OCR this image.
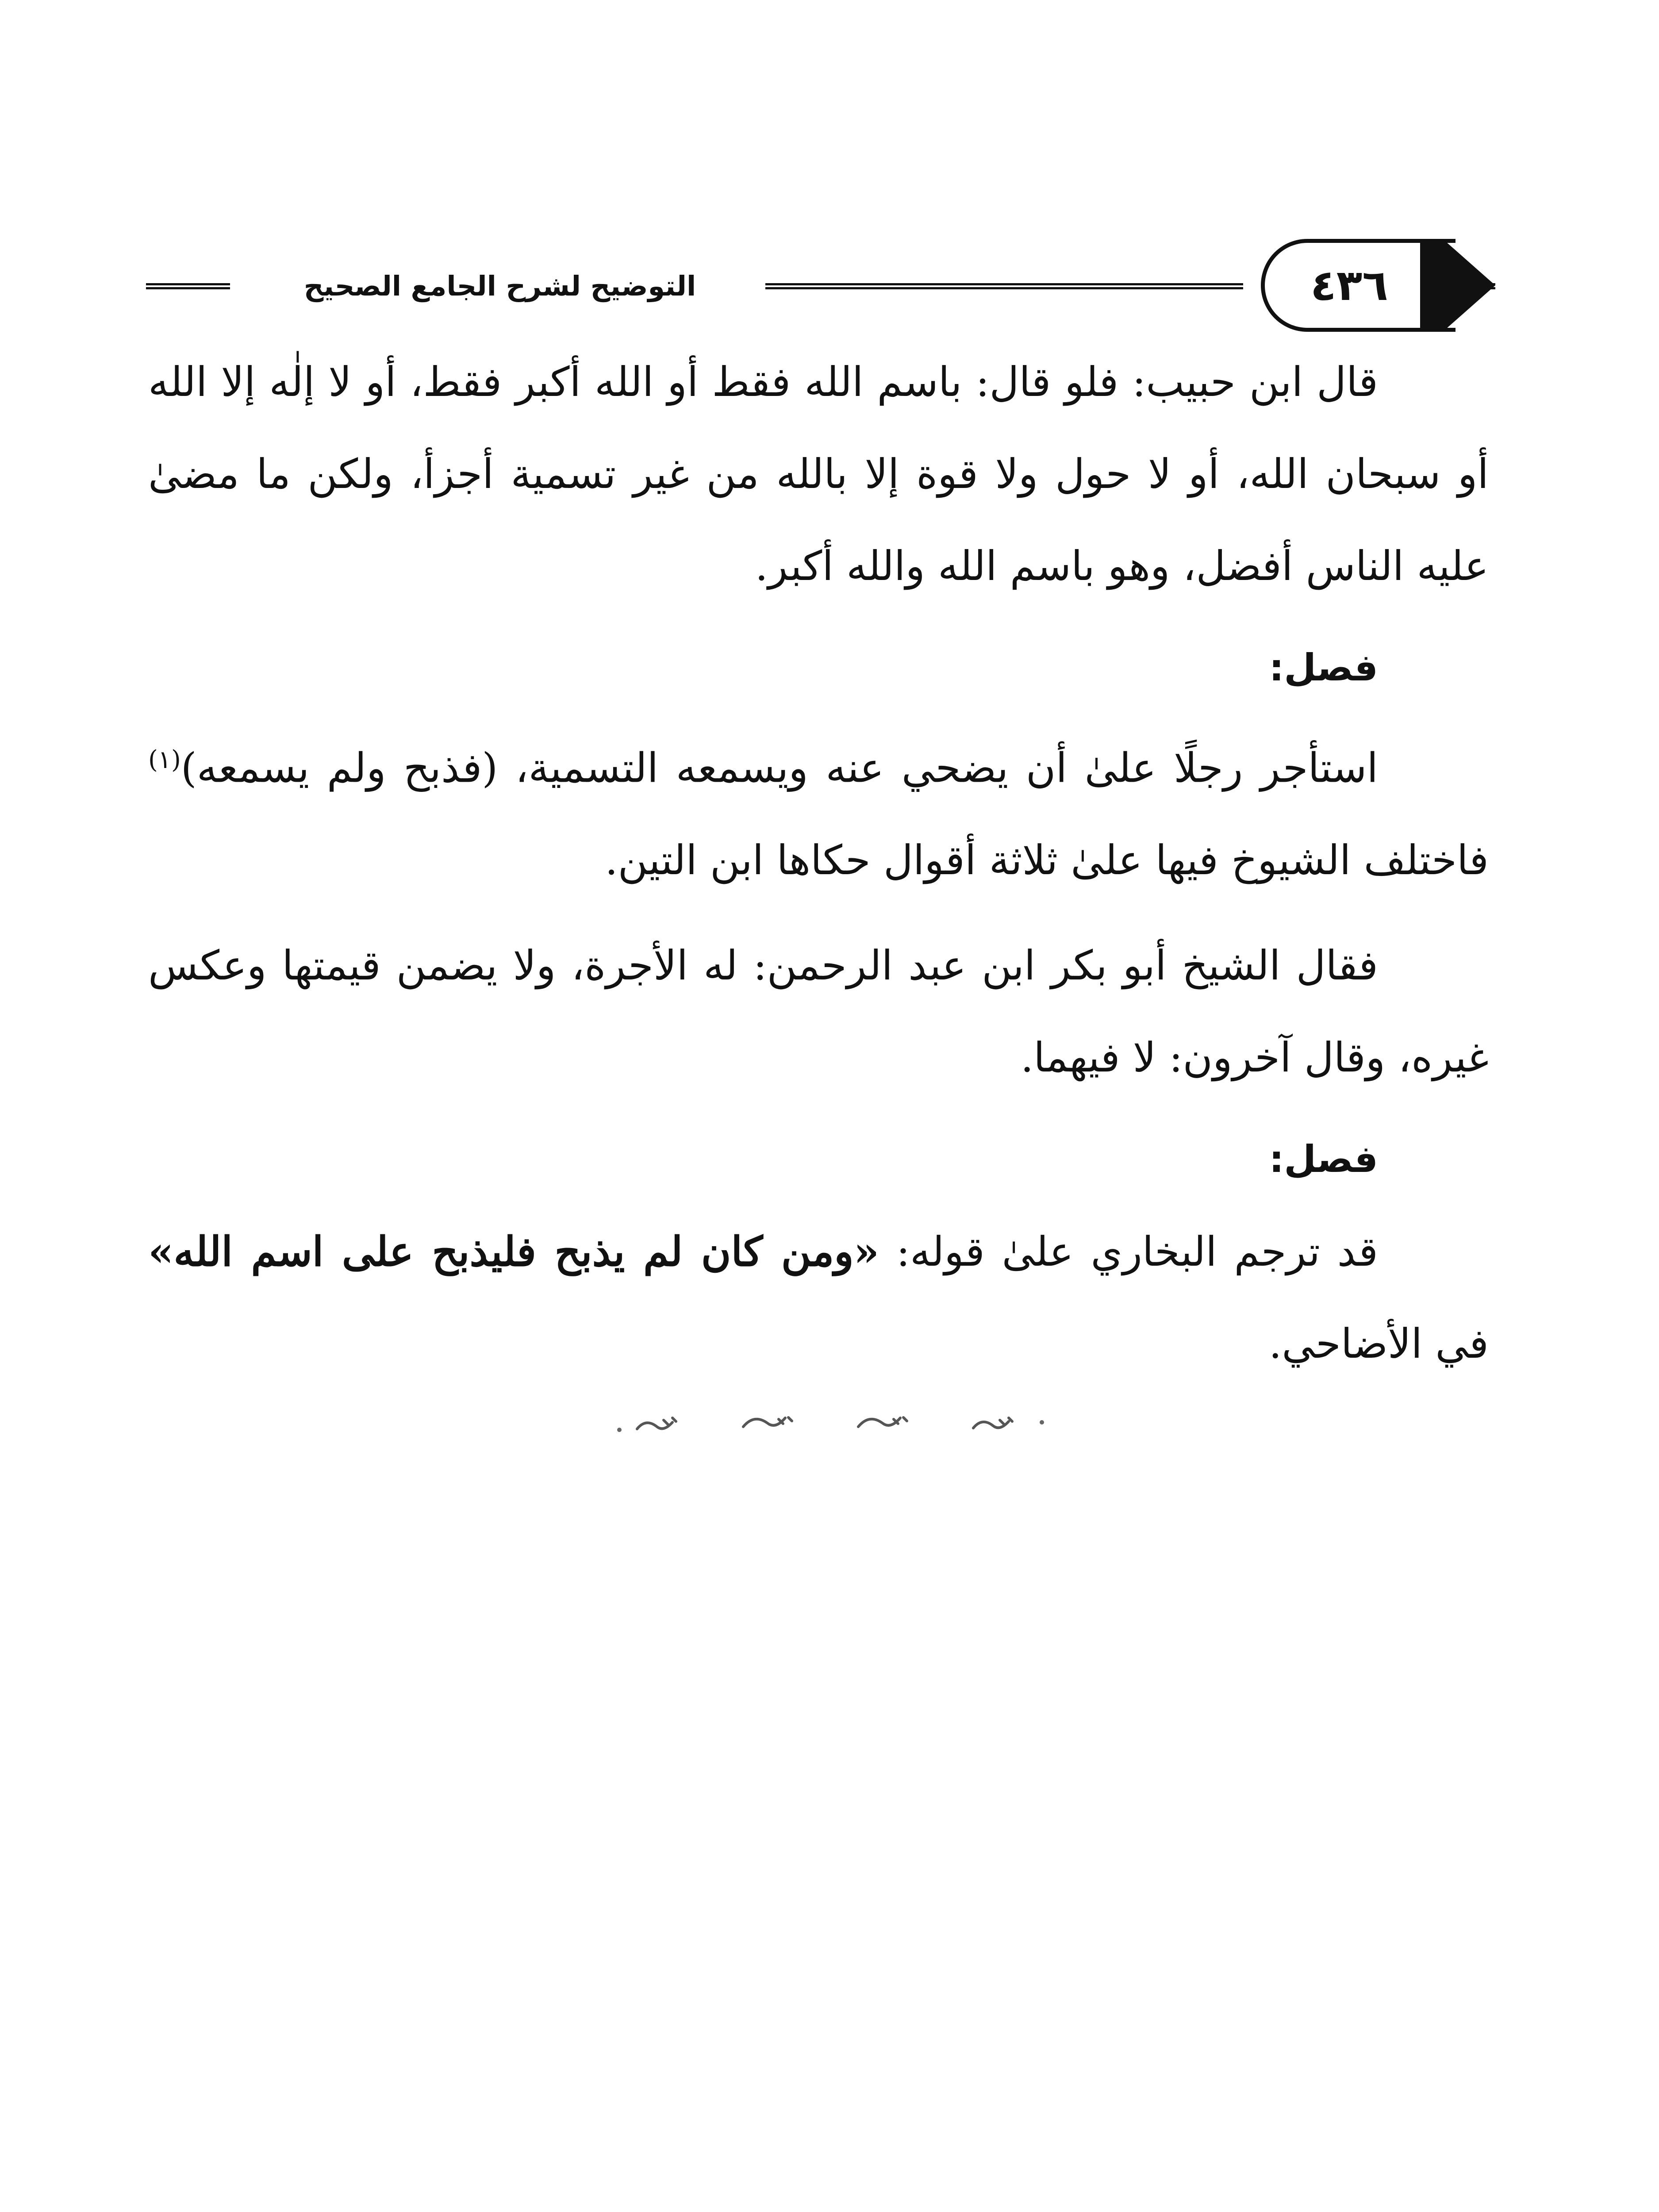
التوضيح لشرح الجامع الصحيح	٤٣٦

قال ابن حبيب: فلو قال: باسم الله فقط أو الله أكبر فقط، أو لا إلٰه إلا الله أو سبحان الله، أو لا حول ولا قوة إلا بالله من غير تسمية أجزأ، ولكن ما مضىٰ عليه الناس أفضل، وهو باسم الله والله أكبر.

فصل:

استأجر رجلًا علىٰ أن يضحي عنه ويسمعه التسمية، (فذبح ولم يسمعه)$^{(١)}$ فاختلف الشيوخ فيها علىٰ ثلاثة أقوال حكاها ابن التين.

فقال الشيخ أبو بكر ابن عبد الرحمن: له الأجرة، ولا يضمن قيمتها وعكس غيره، وقال آخرون: لا فيهما.

فصل:

قد ترجم البخاري علىٰ قوله: «ومن كان لم يذبح فليذبح على اسم الله» في الأضاحي.
